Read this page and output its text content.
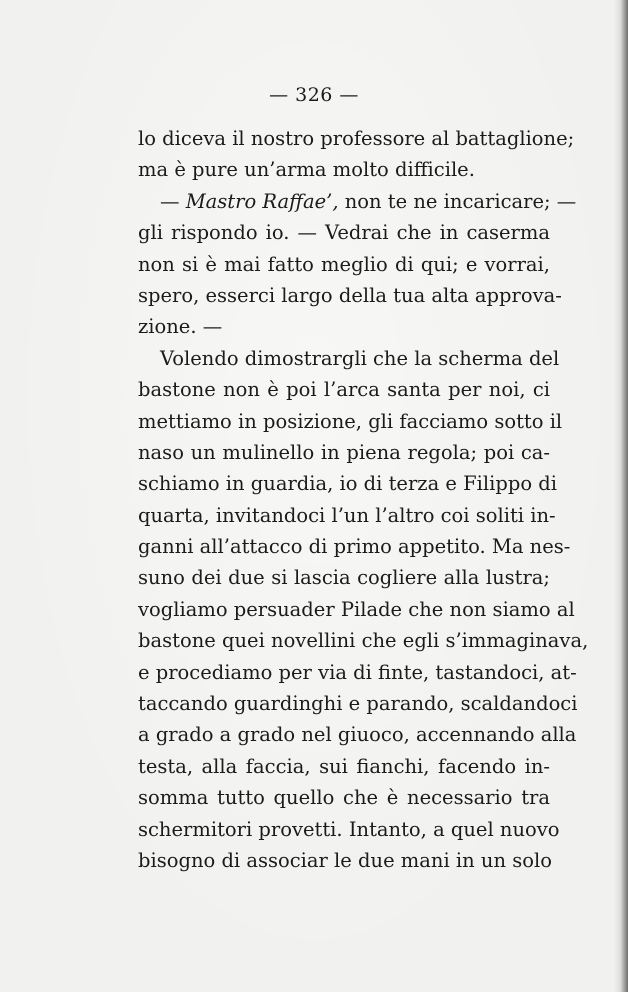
— 326 —
lo diceva il nostro professore al battaglione;
ma è pure un’arma molto difficile.
— Mastro Raffae’, non te ne incaricare; —
gli rispondo io. — Vedrai che in caserma
non si è mai fatto meglio di qui; e vorrai,
spero, esserci largo della tua alta approva-
zione. —
Volendo dimostrargli che la scherma del
bastone non è poi l’arca santa per noi, ci
mettiamo in posizione, gli facciamo sotto il
naso un mulinello in piena regola; poi ca-
schiamo in guardia, io di terza e Filippo di
quarta, invitandoci l’un l’altro coi soliti in-
ganni all’attacco di primo appetito. Ma nes-
suno dei due si lascia cogliere alla lustra;
vogliamo persuader Pilade che non siamo al
bastone quei novellini che egli s’immaginava,
e procediamo per via di finte, tastandoci, at-
taccando guardinghi e parando, scaldandoci
a grado a grado nel giuoco, accennando alla
testa, alla faccia, sui fianchi, facendo in-
somma tutto quello che è necessario tra
schermitori provetti. Intanto, a quel nuovo
bisogno di associar le due mani in un solo
